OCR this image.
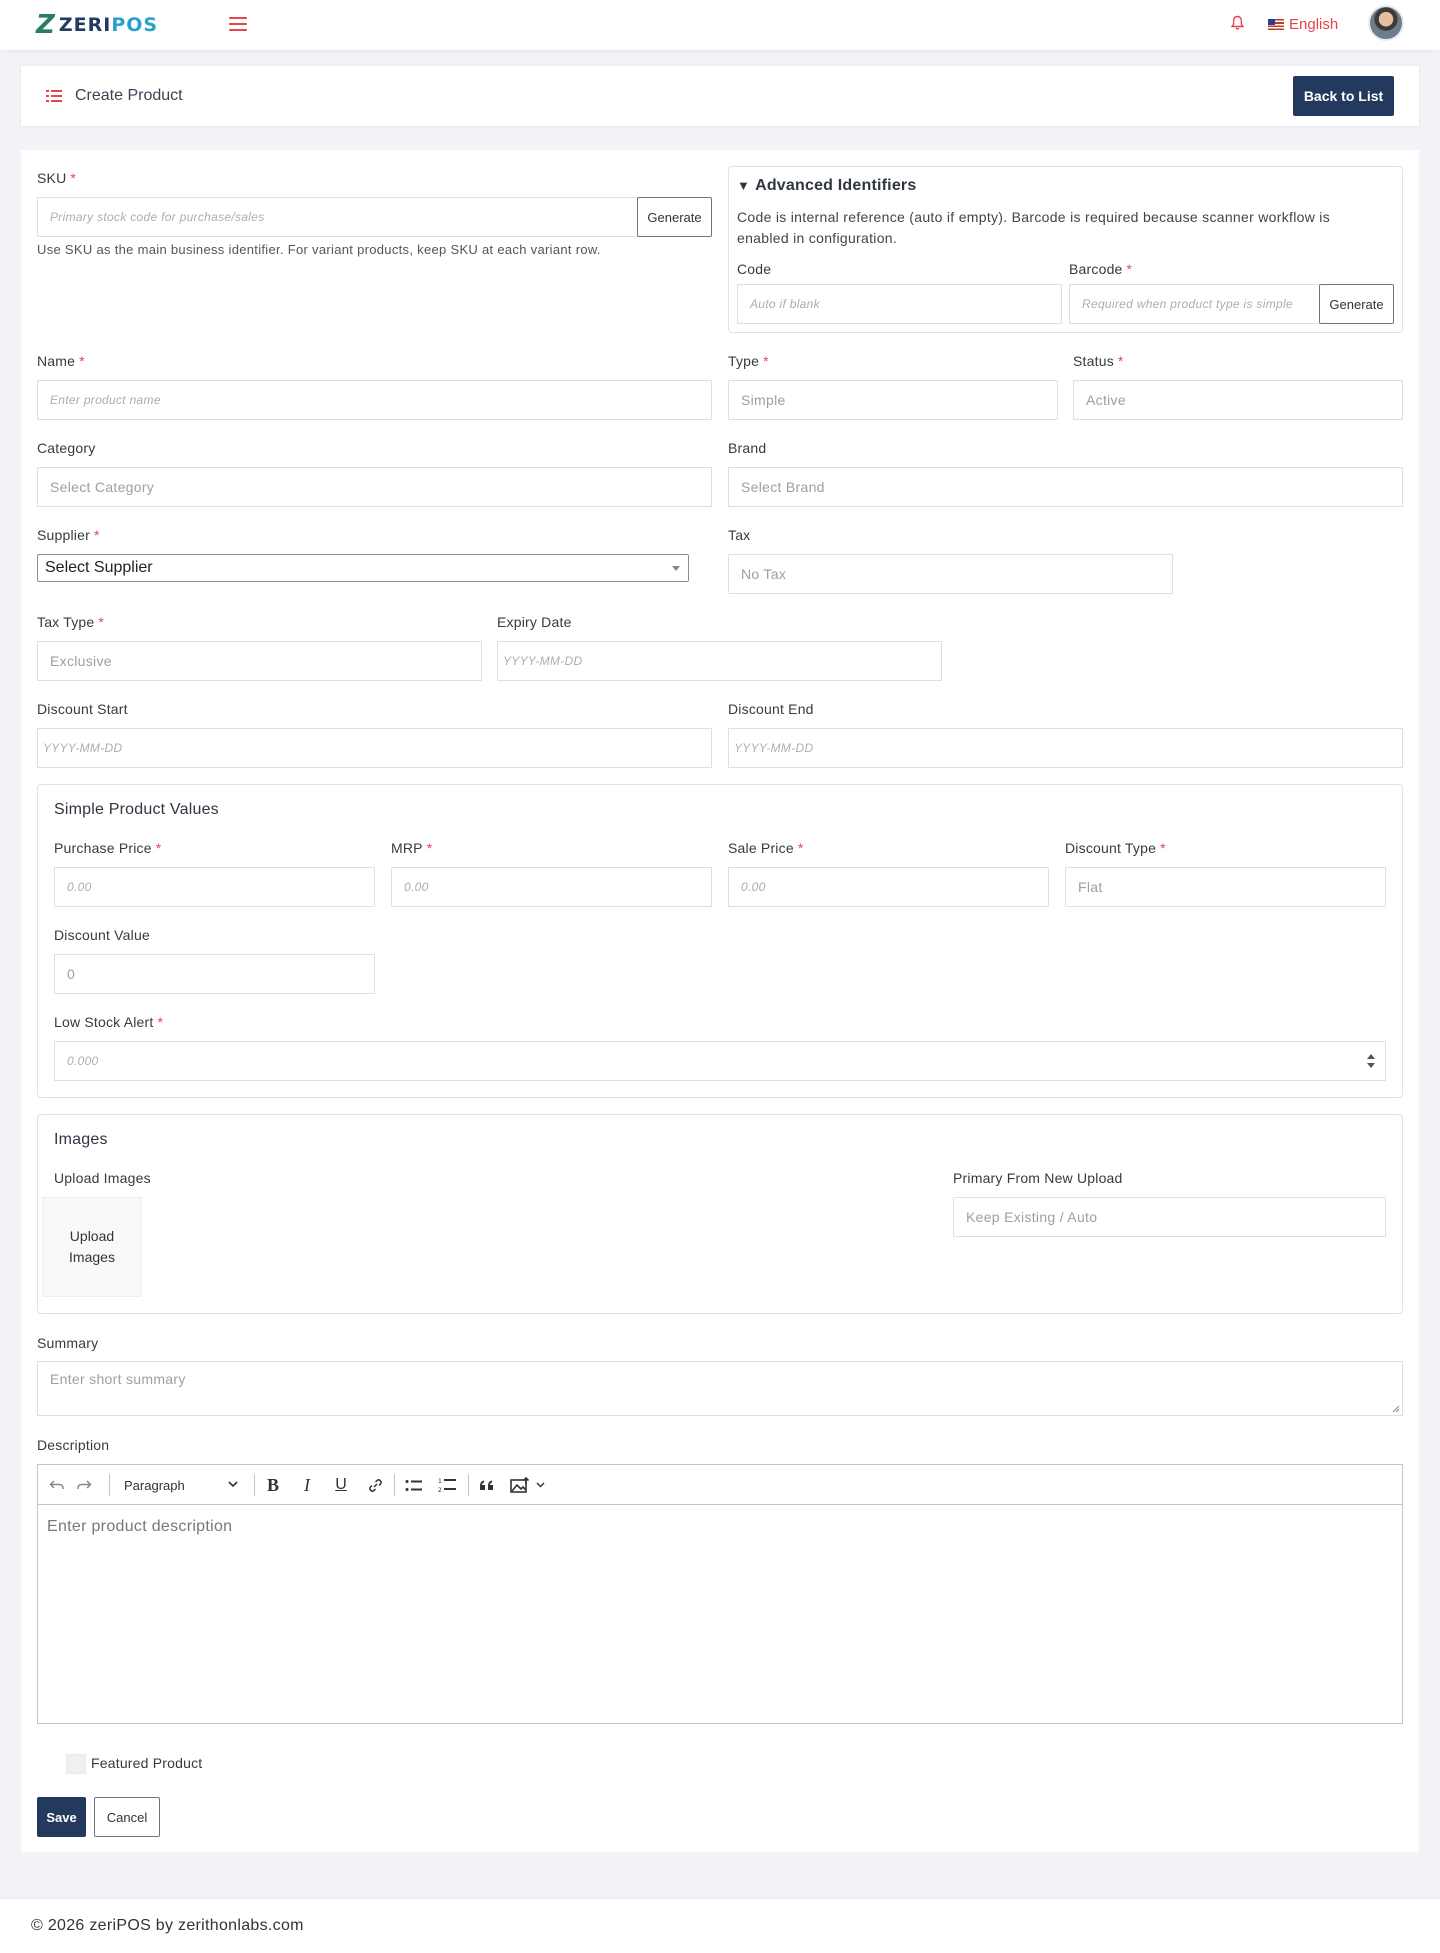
Z ZERIPOS	English
Create Product	Back to List
SKU *
Primary stock code for purchase/sales	Generate
Use SKU as the main business identifier. For variant products, keep SKU at each variant row.
▼ Advanced Identifiers
Code is internal reference (auto if empty). Barcode is required because scanner workflow is
enabled in configuration.
Code
Auto if blank
Barcode *
Required when product type is simple	Generate
Name *
Enter product name
Type *
Simple
Status *
Active
Category
Select Category
Brand
Select Brand
Supplier *
Select Supplier
Tax
No Tax
Tax Type *
Exclusive
Expiry Date
YYYY-MM-DD
Discount Start
YYYY-MM-DD
Discount End
YYYY-MM-DD
Simple Product Values
Purchase Price *
0.00
MRP *
0.00
Sale Price *
0.00
Discount Type *
Flat
Discount Value
0
Low Stock Alert *
0.000
Images
Upload Images
Upload
Images
Primary From New Upload
Keep Existing / Auto
Summary
Enter short summary
Description
Paragraph	B	I	U	1
2
Enter product description
Featured Product
Save	Cancel
© 2026 zeriPOS by zerithonlabs.com
